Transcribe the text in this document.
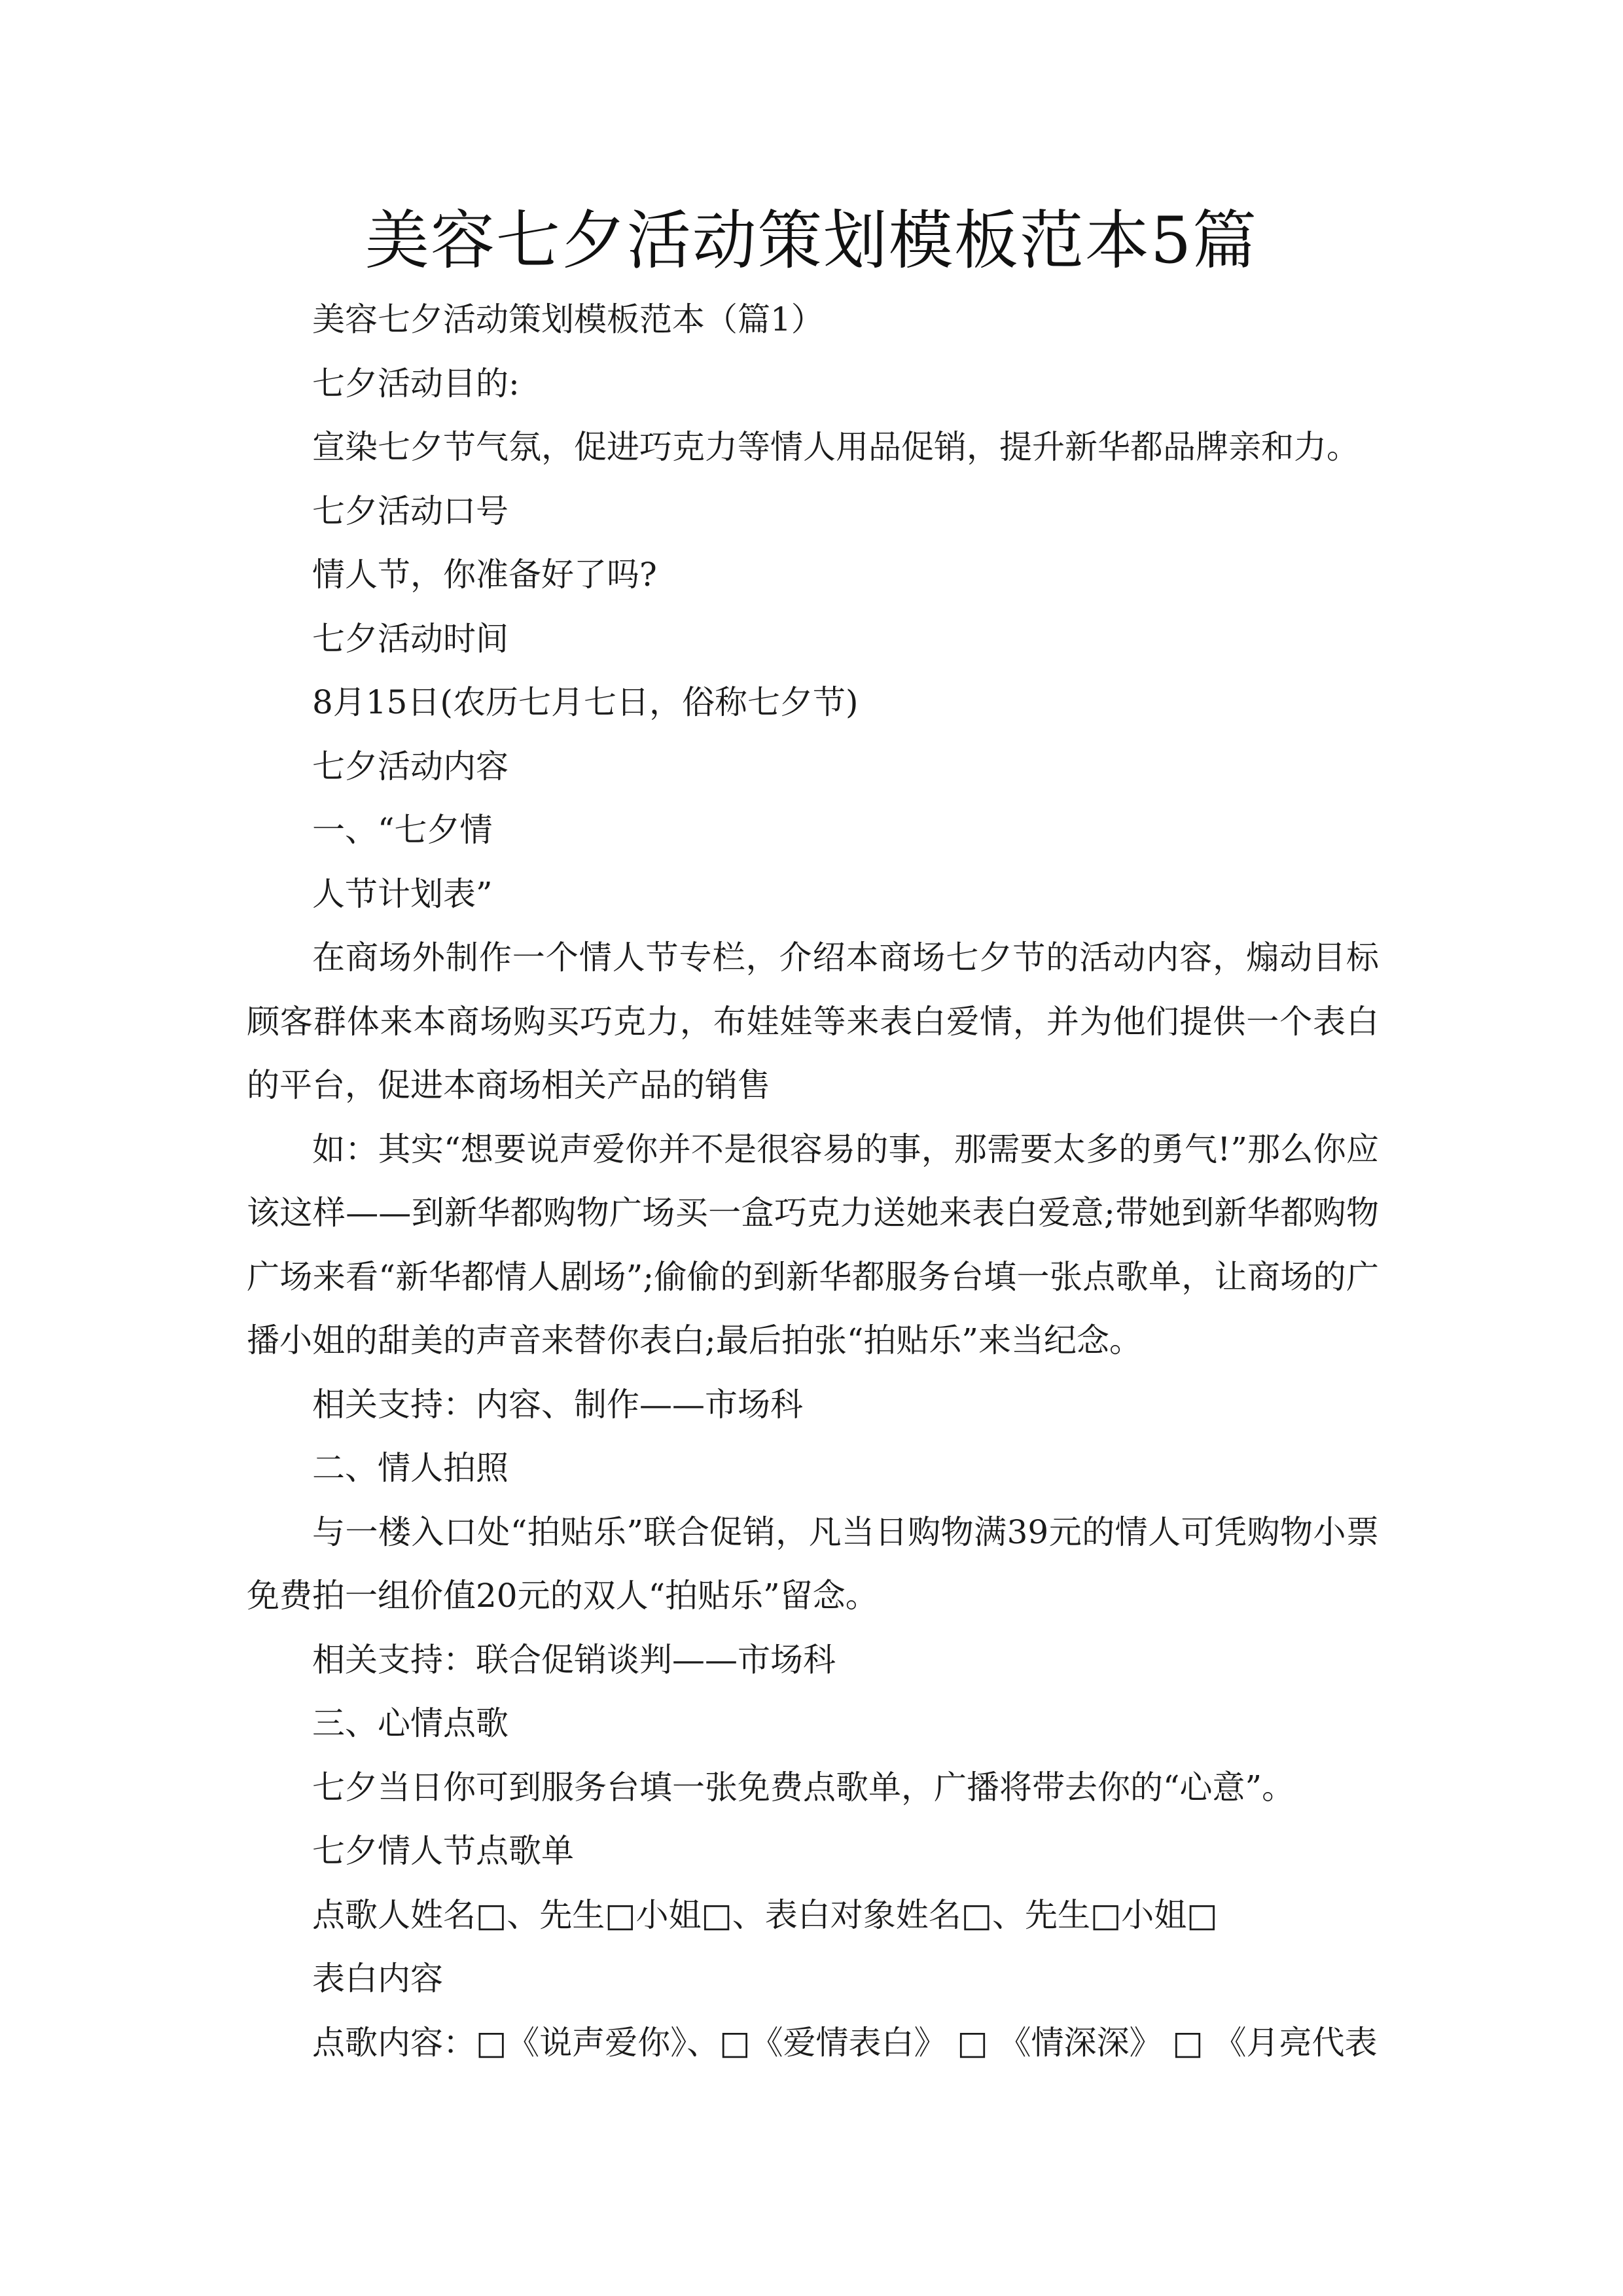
美容七夕活动策划模板范本5篇

美容七夕活动策划模板范本（篇1）

七夕活动目的:

宣染七夕节气氛，促进巧克力等情人用品促销，提升新华都品牌亲和力。

七夕活动口号

情人节，你准备好了吗?

七夕活动时间

8月15日(农历七月七日，俗称七夕节)

七夕活动内容

一、“七夕情

人节计划表”

在商场外制作一个情人节专栏，介绍本商场七夕节的活动内容，煽动目标顾客群体来本商场购买巧克力，布娃娃等来表白爱情，并为他们提供一个表白的平台，促进本商场相关产品的销售

如：其实“想要说声爱你并不是很容易的事，那需要太多的勇气!”那么你应该这样——到新华都购物广场买一盒巧克力送她来表白爱意;带她到新华都购物广场来看“新华都情人剧场”;偷偷的到新华都服务台填一张点歌单，让商场的广播小姐的甜美的声音来替你表白;最后拍张“拍贴乐”来当纪念。

相关支持：内容、制作——市场科

二、情人拍照

与一楼入口处“拍贴乐”联合促销，凡当日购物满39元的情人可凭购物小票免费拍一组价值20元的双人“拍贴乐”留念。

相关支持：联合促销谈判——市场科

三、心情点歌

七夕当日你可到服务台填一张免费点歌单，广播将带去你的“心意”。

七夕情人节点歌单

点歌人姓名□、先生□小姐□、表白对象姓名□、先生□小姐□

表白内容

点歌内容：□《说声爱你》、□《爱情表白》 □ 《情深深》 □ 《月亮代表
